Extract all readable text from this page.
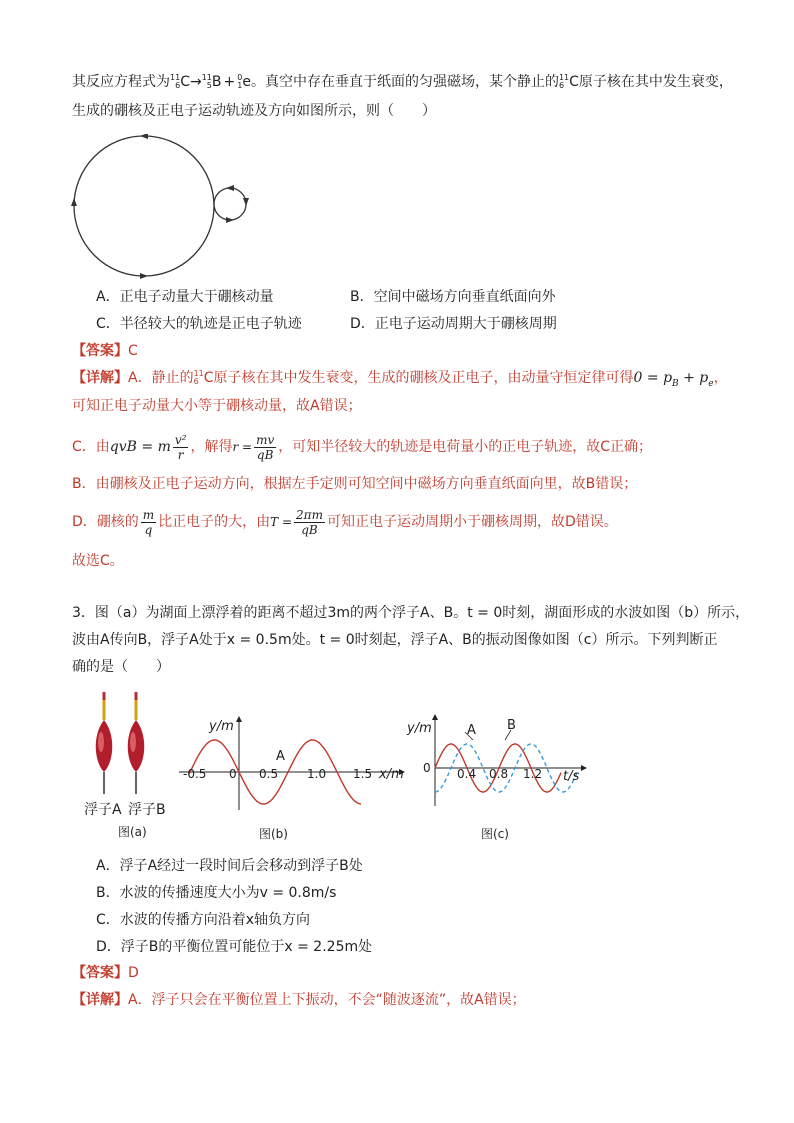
其反应方程式为11
6C→11
5B + 0
1e。真空中存在垂直于纸面的匀强磁场，某个静止的11
6 C原子核在其中发生衰变，
生成的硼核及正电子运动轨迹及方向如图所示，则（　　）
A．正电子动量大于硼核动量	B．空间中磁场方向垂直纸面向外
C．半径较大的轨迹是正电子轨迹	D．正电子运动周期大于硼核周期
【答案】C
【详解】A．静止的11
6 C原子核在其中发生衰变，生成的硼核及正电子，由动量守恒定律可得$0 = p_B + p_e$，
可知正电子动量大小等于硼核动量，故A错误；
C．由qvB = m $\frac{\text{v²}}{r}$ ，解得$r = \frac{mv}{qB}$ ，可知半径较大的轨迹是电荷量小的正电子轨迹，故C正确；
B．由硼核及正电子运动方向，根据左手定则可知空间中磁场方向垂直纸面向里，故B错误；
D．硼核的 $\frac{m}{q}$ 比正电子的大，由$T = \frac{2\pi m}{qB}$ 可知正电子运动周期小于硼核周期，故D错误。
故选C。
3．图（a）为湖面上漂浮着的距离不超过3m的两个浮子A、B。t = 0时刻，湖面形成的水波如图（b）所示，
波由A传向B，浮子A处于x = 0.5m处。t = 0时刻起，浮子A、B的振动图像如图（c）所示。下列判断正
确的是（　　）
浮子A 浮子B
图(a)
y/m
x/m
-0.5 0 0.5 1.0 1.5
A
图(b)
A B
y/m
0
t/s
0.4 0.8 1.2
图(c)
A．浮子A经过一段时间后会移动到浮子B处
B．水波的传播速度大小为v = 0.8m/s
C．水波的传播方向沿着x轴负方向
D．浮子B的平衡位置可能位于x = 2.25m处
【答案】D
【详解】A．浮子只会在平衡位置上下振动，不会“随波逐流”，故A错误；
